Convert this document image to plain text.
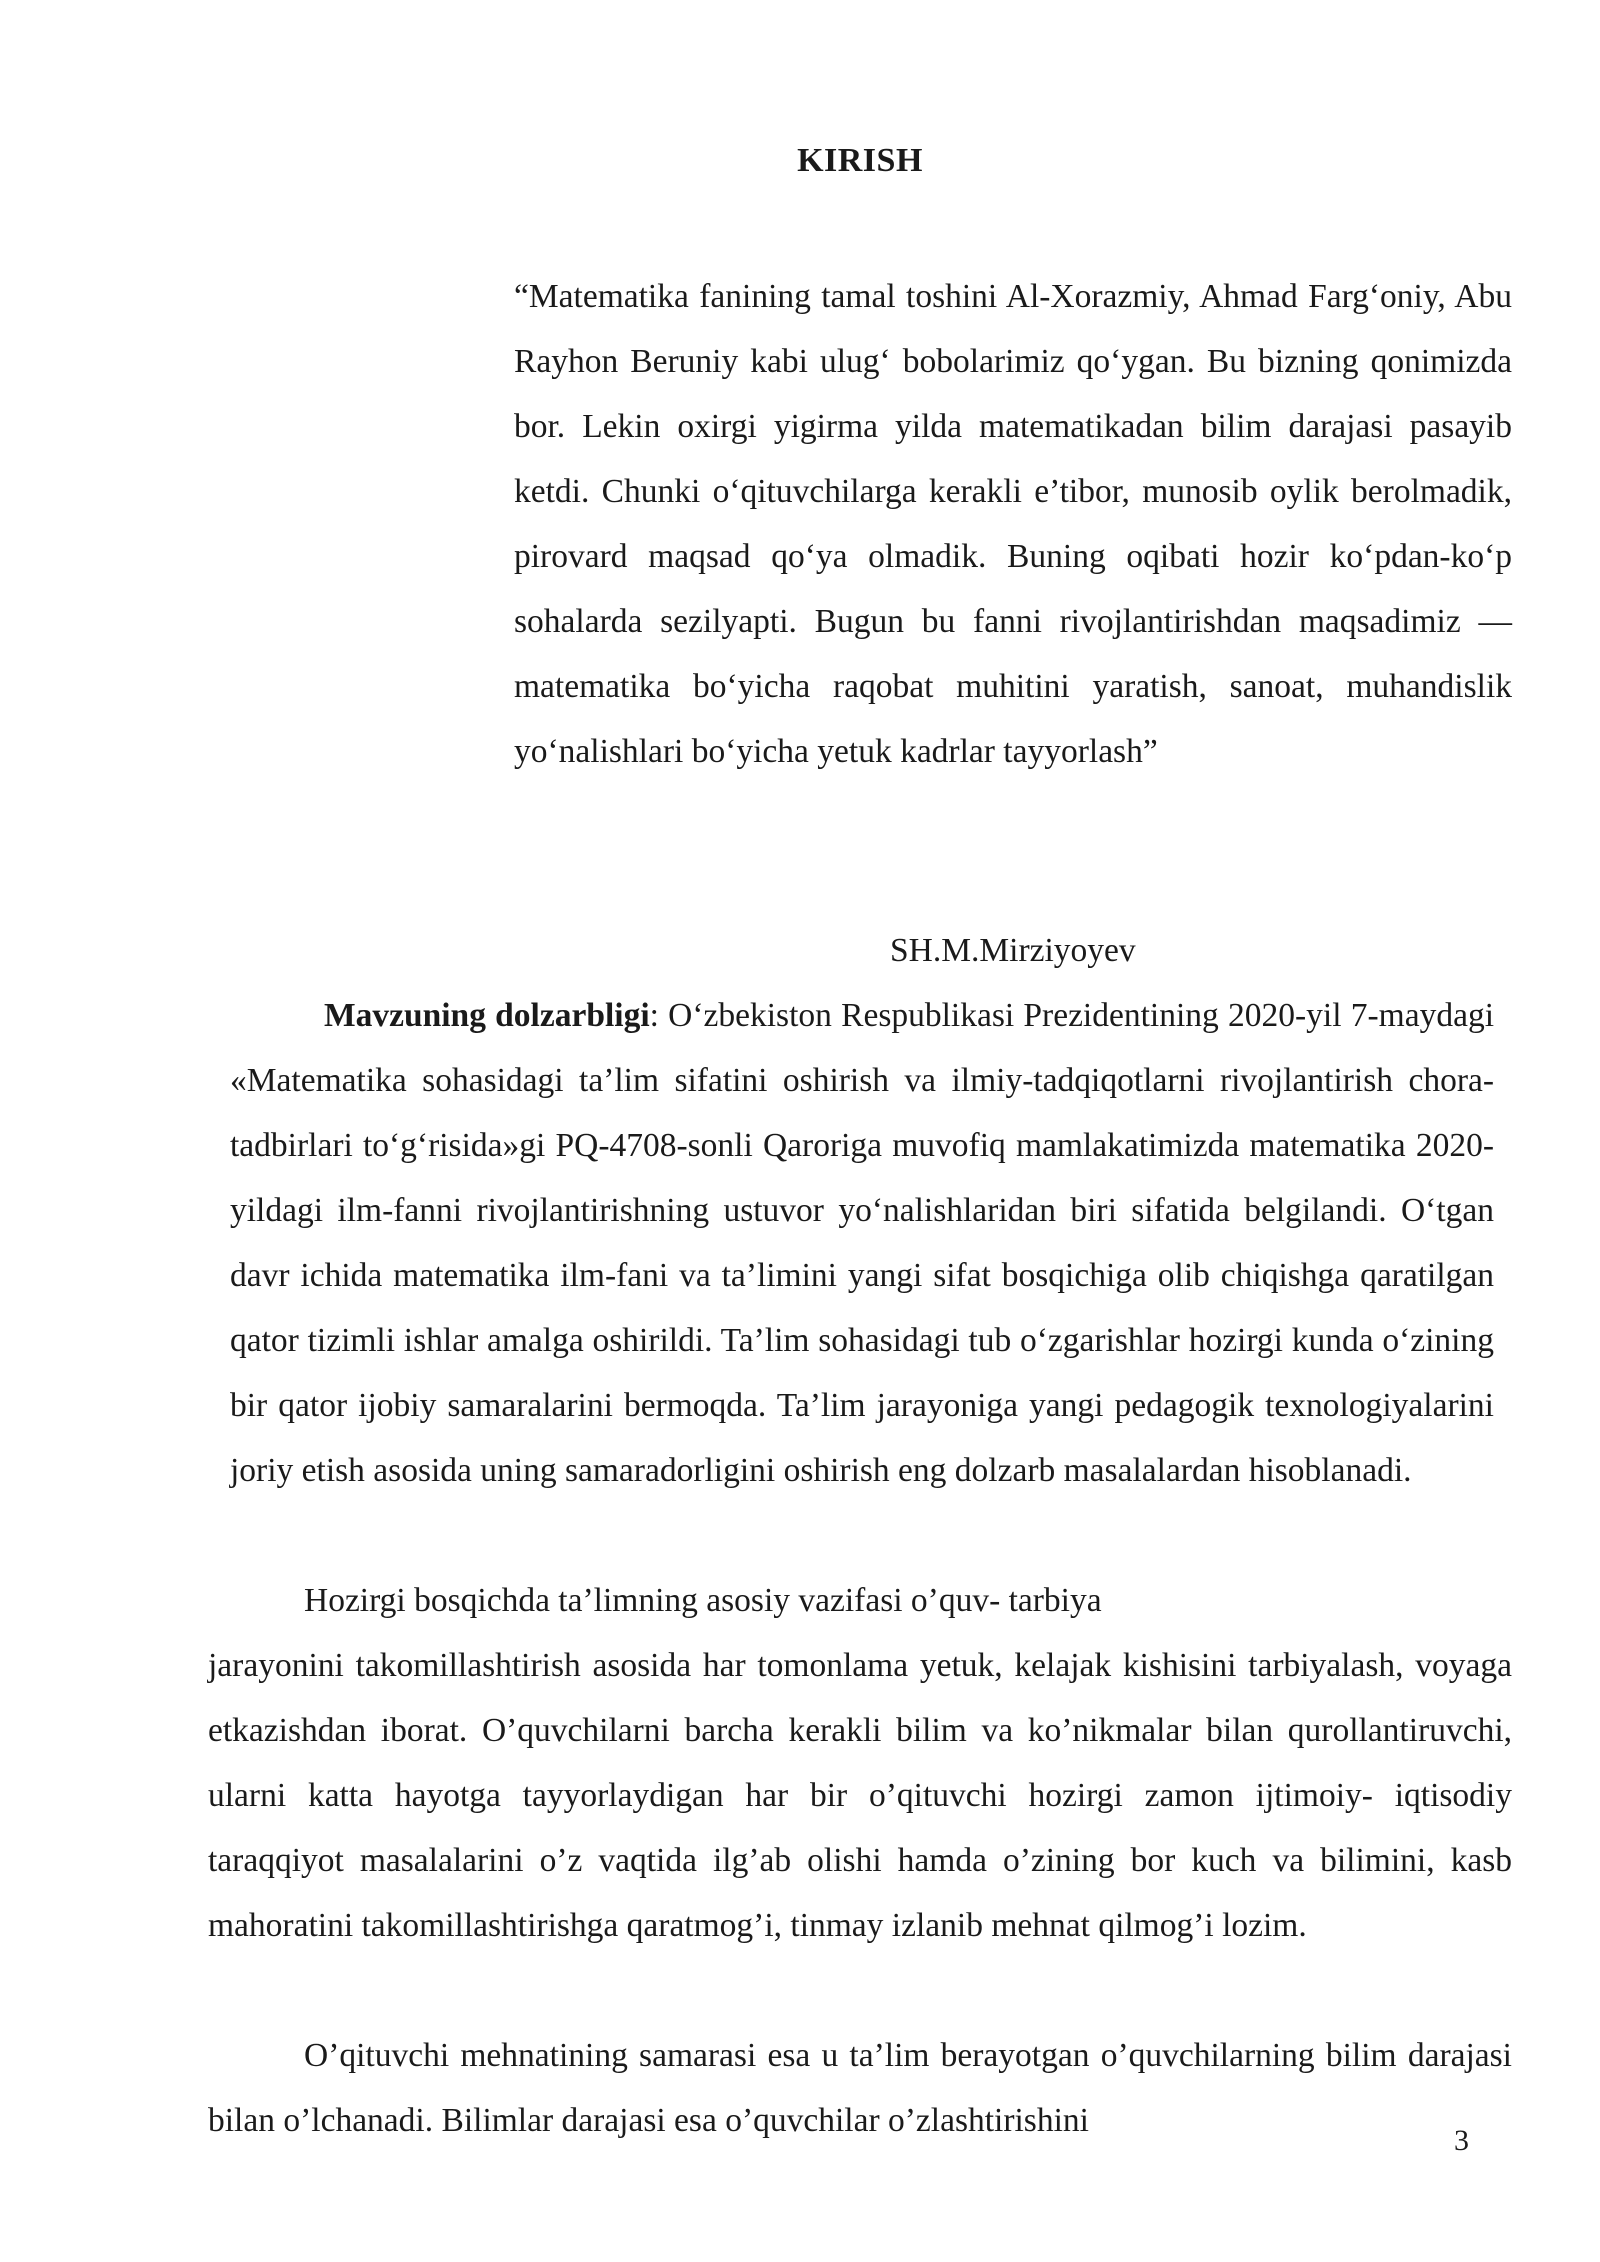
KIRISH

“Matematika fanining tamal toshini Al-Xorazmiy, Ahmad Farg‘oniy, Abu Rayhon Beruniy kabi ulug‘ bobolarimiz qo‘ygan. Bu bizning qonimizda bor. Lekin oxirgi yigirma yilda matematikadan bilim darajasi pasayib ketdi. Chunki o‘qituvchilarga kerakli e’tibor, munosib oylik berolmadik, pirovard maqsad qo‘ya olmadik. Buning oqibati hozir ko‘pdan-ko‘p sohalarda sezilyapti. Bugun bu fanni rivojlantirishdan maqsadimiz — matematika bo‘yicha raqobat muhitini yaratish, sanoat, muhandislik yo‘nalishlari bo‘yicha yetuk kadrlar tayyorlash”

SH.M.Mirziyoyev

Mavzuning dolzarbligi: O‘zbekiston Respublikasi Prezidentining 2020-yil 7-maydagi «Matematika sohasidagi ta’lim sifatini oshirish va ilmiy-tadqiqotlarni rivojlantirish chora-tadbirlari to‘g‘risida»gi PQ-4708-sonli Qaroriga muvofiq mamlakatimizda matematika 2020-yildagi ilm-fanni rivojlantirishning ustuvor yo‘nalishlaridan biri sifatida belgilandi. O‘tgan davr ichida matematika ilm-fani va ta’limini yangi sifat bosqichiga olib chiqishga qaratilgan qator tizimli ishlar amalga oshirildi. Ta’lim sohasidagi tub o‘zgarishlar hozirgi kunda o‘zining bir qator ijobiy samaralarini bermoqda. Ta’lim jarayoniga yangi pedagogik texnologiyalarini joriy etish asosida uning samaradorligini oshirish eng dolzarb masalalardan hisoblanadi.

Hozirgi bosqichda ta’limning asosiy vazifasi o’quv- tarbiya

jarayonini takomillashtirish asosida har tomonlama yetuk, kelajak kishisini tarbiyalash, voyaga etkazishdan iborat. O’quvchilarni barcha kerakli bilim va ko’nikmalar bilan qurollantiruvchi, ularni katta hayotga tayyorlaydigan har bir o’qituvchi hozirgi zamon ijtimoiy- iqtisodiy taraqqiyot masalalarini o’z vaqtida ilg’ab olishi hamda o’zining bor kuch va bilimini, kasb mahoratini takomillashtirishga qaratmog’i, tinmay izlanib mehnat qilmog’i lozim.

O’qituvchi mehnatining samarasi esa u ta’lim berayotgan o’quvchilarning bilim darajasi bilan o’lchanadi. Bilimlar darajasi esa o’quvchilar o’zlashtirishini

3
